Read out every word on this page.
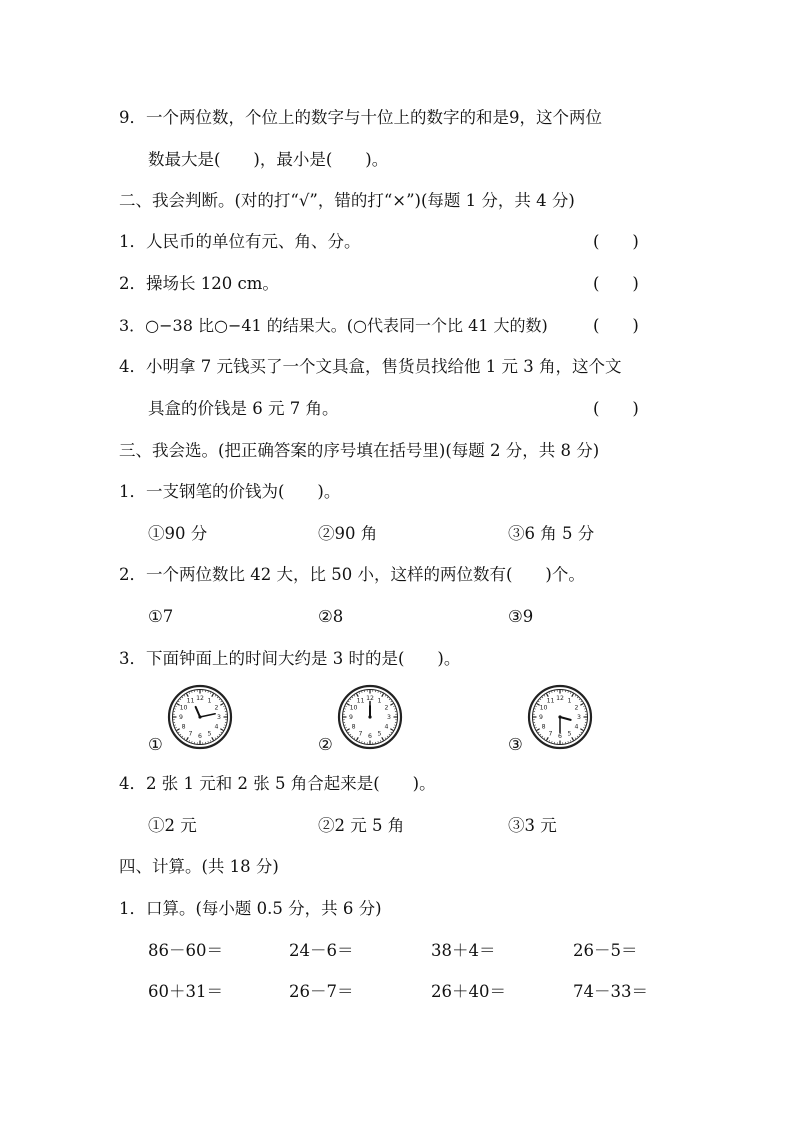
9．一个两位数，个位上的数字与十位上的数字的和是9，这个两位
数最大是(　　)，最小是(　　)。
二、我会判断。(对的打“√”，错的打“×”)(每题 1 分，共 4 分)
1．人民币的单位有元、角、分。	(　　)
2．操场长 120 cm。	(　　)
3．○−38 比○−41 的结果大。(○代表同一个比 41 大的数)	(　　)
4．小明拿 7 元钱买了一个文具盒，售货员找给他 1 元 3 角，这个文
具盒的价钱是 6 元 7 角。	(　　)
三、我会选。(把正确答案的序号填在括号里)(每题 2 分，共 8 分)
1．一支钢笔的价钱为(　　)。
①90 分	②90 角	③6 角 5 分
2．一个两位数比 42 大，比 50 小，这样的两位数有(　　)个。
①7	②8	③9
3．下面钟面上的时间大约是 3 时的是(　　)。
①
1
2
3
4
5
6
7
8
9
10
11 12
②
1
2
3
4
5
6
7
8
9
10
11 12
③
1
2
3
4
5
6
7
8
9
10
11 12
4．2 张 1 元和 2 张 5 角合起来是(　　)。
①2 元	②2 元 5 角	③3 元
四、计算。(共 18 分)
1．口算。(每小题 0.5 分，共 6 分)
86－60＝	24－6＝	38＋4＝	26－5＝
60＋31＝	26－7＝	26＋40＝	74－33＝
